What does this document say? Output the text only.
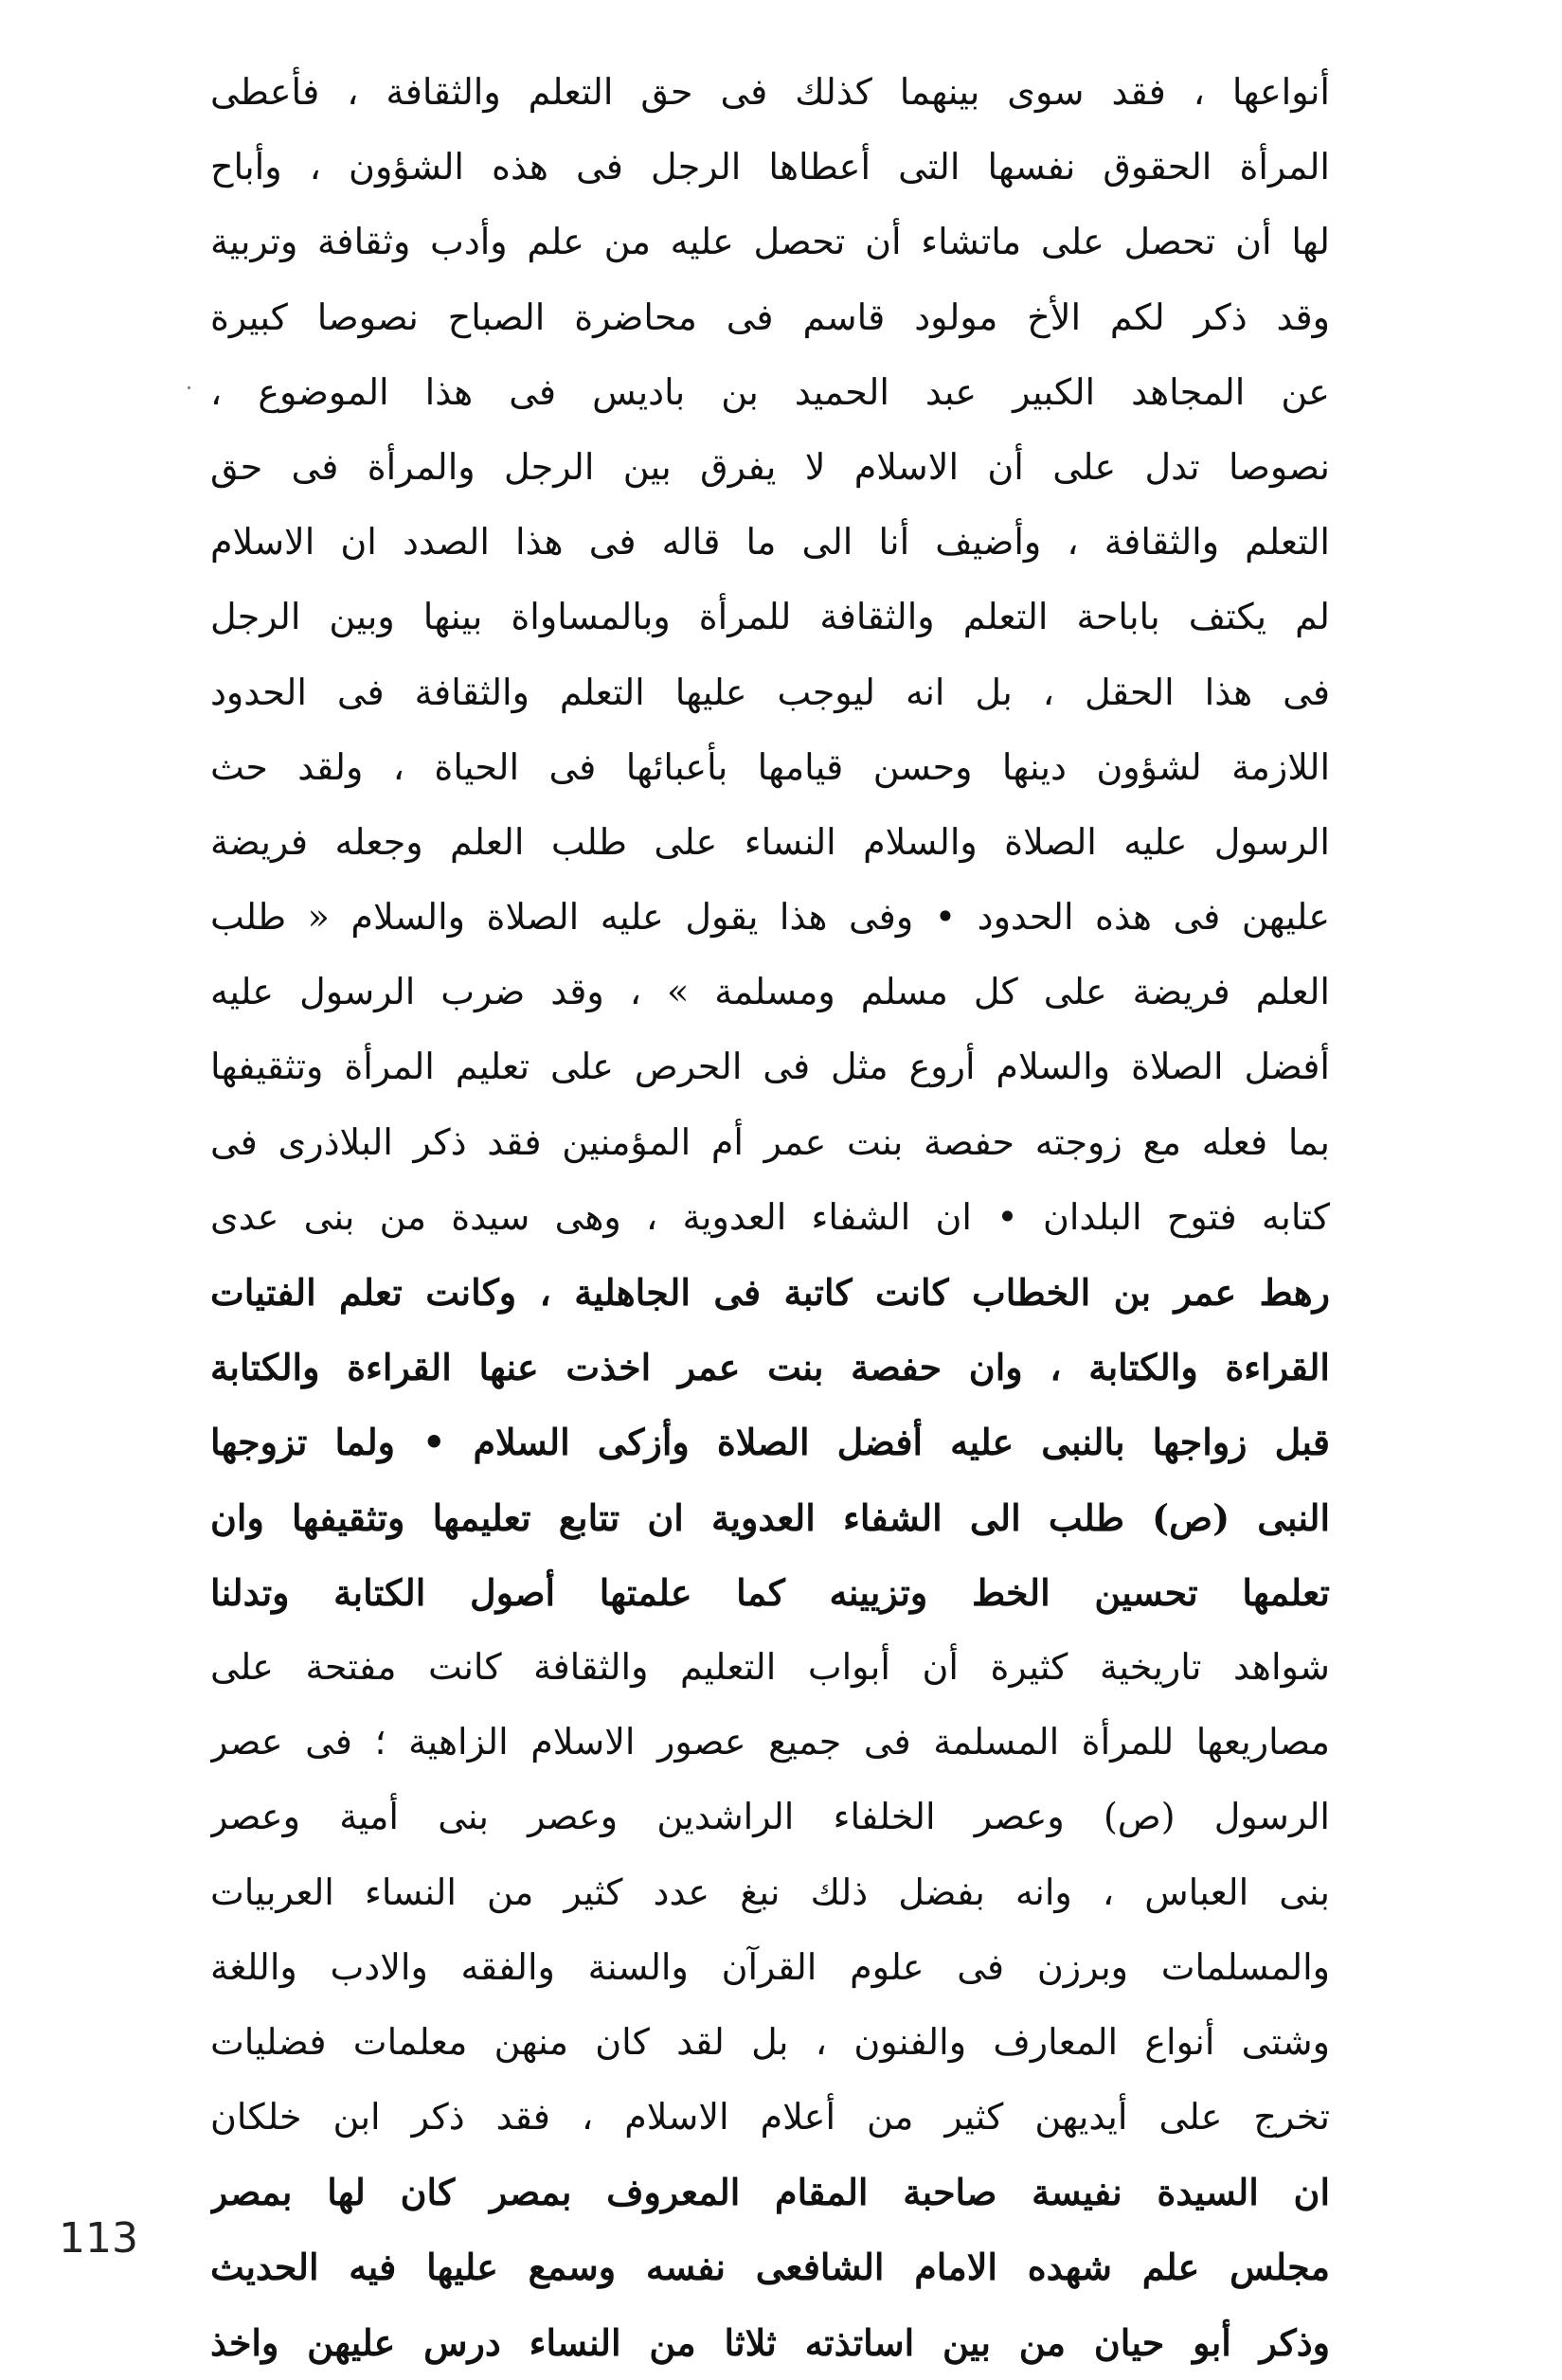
أنواعها ، فقد سوى بينهما كذلك فى حق التعلم والثقافة ، فأعطى
المرأة الحقوق نفسها التى أعطاها الرجل فى هذه الشؤون ، وأباح
لها أن تحصل على ماتشاء أن تحصل عليه من علم وأدب وثقافة وتربية
وقد ذكر لكم الأخ مولود قاسم فى محاضرة الصباح نصوصا كبيرة
عن المجاهد الكبير عبد الحميد بن باديس فى هذا الموضوع ،
نصوصا تدل على أن الاسلام لا يفرق بين الرجل والمرأة فى حق
التعلم والثقافة ، وأضيف أنا الى ما قاله فى هذا الصدد ان الاسلام
لم يكتف باباحة التعلم والثقافة للمرأة وبالمساواة بينها وبين الرجل
فى هذا الحقل ، بل انه ليوجب عليها التعلم والثقافة فى الحدود
اللازمة لشؤون دينها وحسن قيامها بأعبائها فى الحياة ، ولقد حث
الرسول عليه الصلاة والسلام النساء على طلب العلم وجعله فريضة
عليهن فى هذه الحدود • وفى هذا يقول عليه الصلاة والسلام « طلب
العلم فريضة على كل مسلم ومسلمة » ، وقد ضرب الرسول عليه
أفضل الصلاة والسلام أروع مثل فى الحرص على تعليم المرأة وتثقيفها
بما فعله مع زوجته حفصة بنت عمر أم المؤمنين فقد ذكر البلاذرى فى
كتابه فتوح البلدان • ان الشفاء العدوية ، وهى سيدة من بنى عدى
رهط عمر بن الخطاب كانت كاتبة فى الجاهلية ، وكانت تعلم الفتيات
القراءة والكتابة ، وان حفصة بنت عمر اخذت عنها القراءة والكتابة
قبل زواجها بالنبى عليه أفضل الصلاة وأزكى السلام • ولما تزوجها
النبى (ص) طلب الى الشفاء العدوية ان تتابع تعليمها وتثقيفها وان
تعلمها تحسين الخط وتزيينه كما علمتها أصول الكتابة وتدلنا
شواهد تاريخية كثيرة أن أبواب التعليم والثقافة كانت مفتحة على
مصاريعها للمرأة المسلمة فى جميع عصور الاسلام الزاهية ؛ فى عصر
الرسول (ص) وعصر الخلفاء الراشدين وعصر بنى أمية وعصر
بنى العباس ، وانه بفضل ذلك نبغ عدد كثير من النساء العربيات
والمسلمات وبرزن فى علوم القرآن والسنة والفقه والادب واللغة
وشتى أنواع المعارف والفنون ، بل لقد كان منهن معلمات فضليات
تخرج على أيديهن كثير من أعلام الاسلام ، فقد ذكر ابن خلكان
ان السيدة نفيسة صاحبة المقام المعروف بمصر كان لها بمصر
مجلس علم شهده الامام الشافعى نفسه وسمع عليها فيه الحديث
وذكر أبو حيان من بين اساتذته ثلاثا من النساء درس عليهن واخذ
113
